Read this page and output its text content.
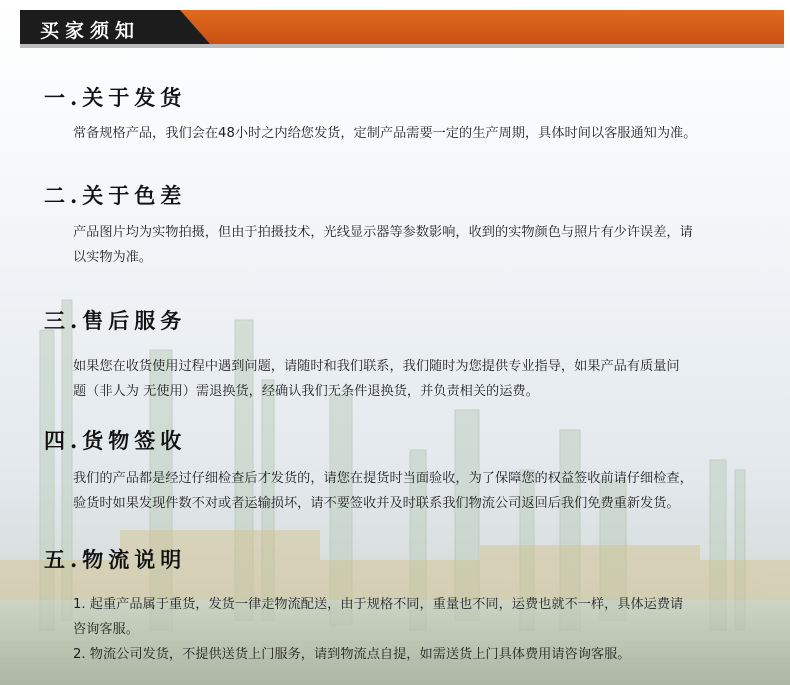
买家须知
一.关于发货
常备规格产品，我们会在48小时之内给您发货，定制产品需要一定的生产周期，具体时间以客服通知为准。
二.关于色差
产品图片均为实物拍摄，但由于拍摄技术，光线显示器等参数影响，收到的实物颜色与照片有少许误差，请
以实物为准。
三.售后服务
如果您在收货使用过程中遇到问题，请随时和我们联系，我们随时为您提供专业指导，如果产品有质量问
题（非人为 无使用）需退换货，经确认我们无条件退换货，并负责相关的运费。
四.货物签收
我们的产品都是经过仔细检查后才发货的，请您在提货时当面验收，为了保障您的权益签收前请仔细检查，
验货时如果发现件数不对或者运输损坏，请不要签收并及时联系我们物流公司返回后我们免费重新发货。
五.物流说明
1. 起重产品属于重货，发货一律走物流配送，由于规格不同，重量也不同，运费也就不一样，具体运费请
咨询客服。
2. 物流公司发货，不提供送货上门服务，请到物流点自提，如需送货上门具体费用请咨询客服。
